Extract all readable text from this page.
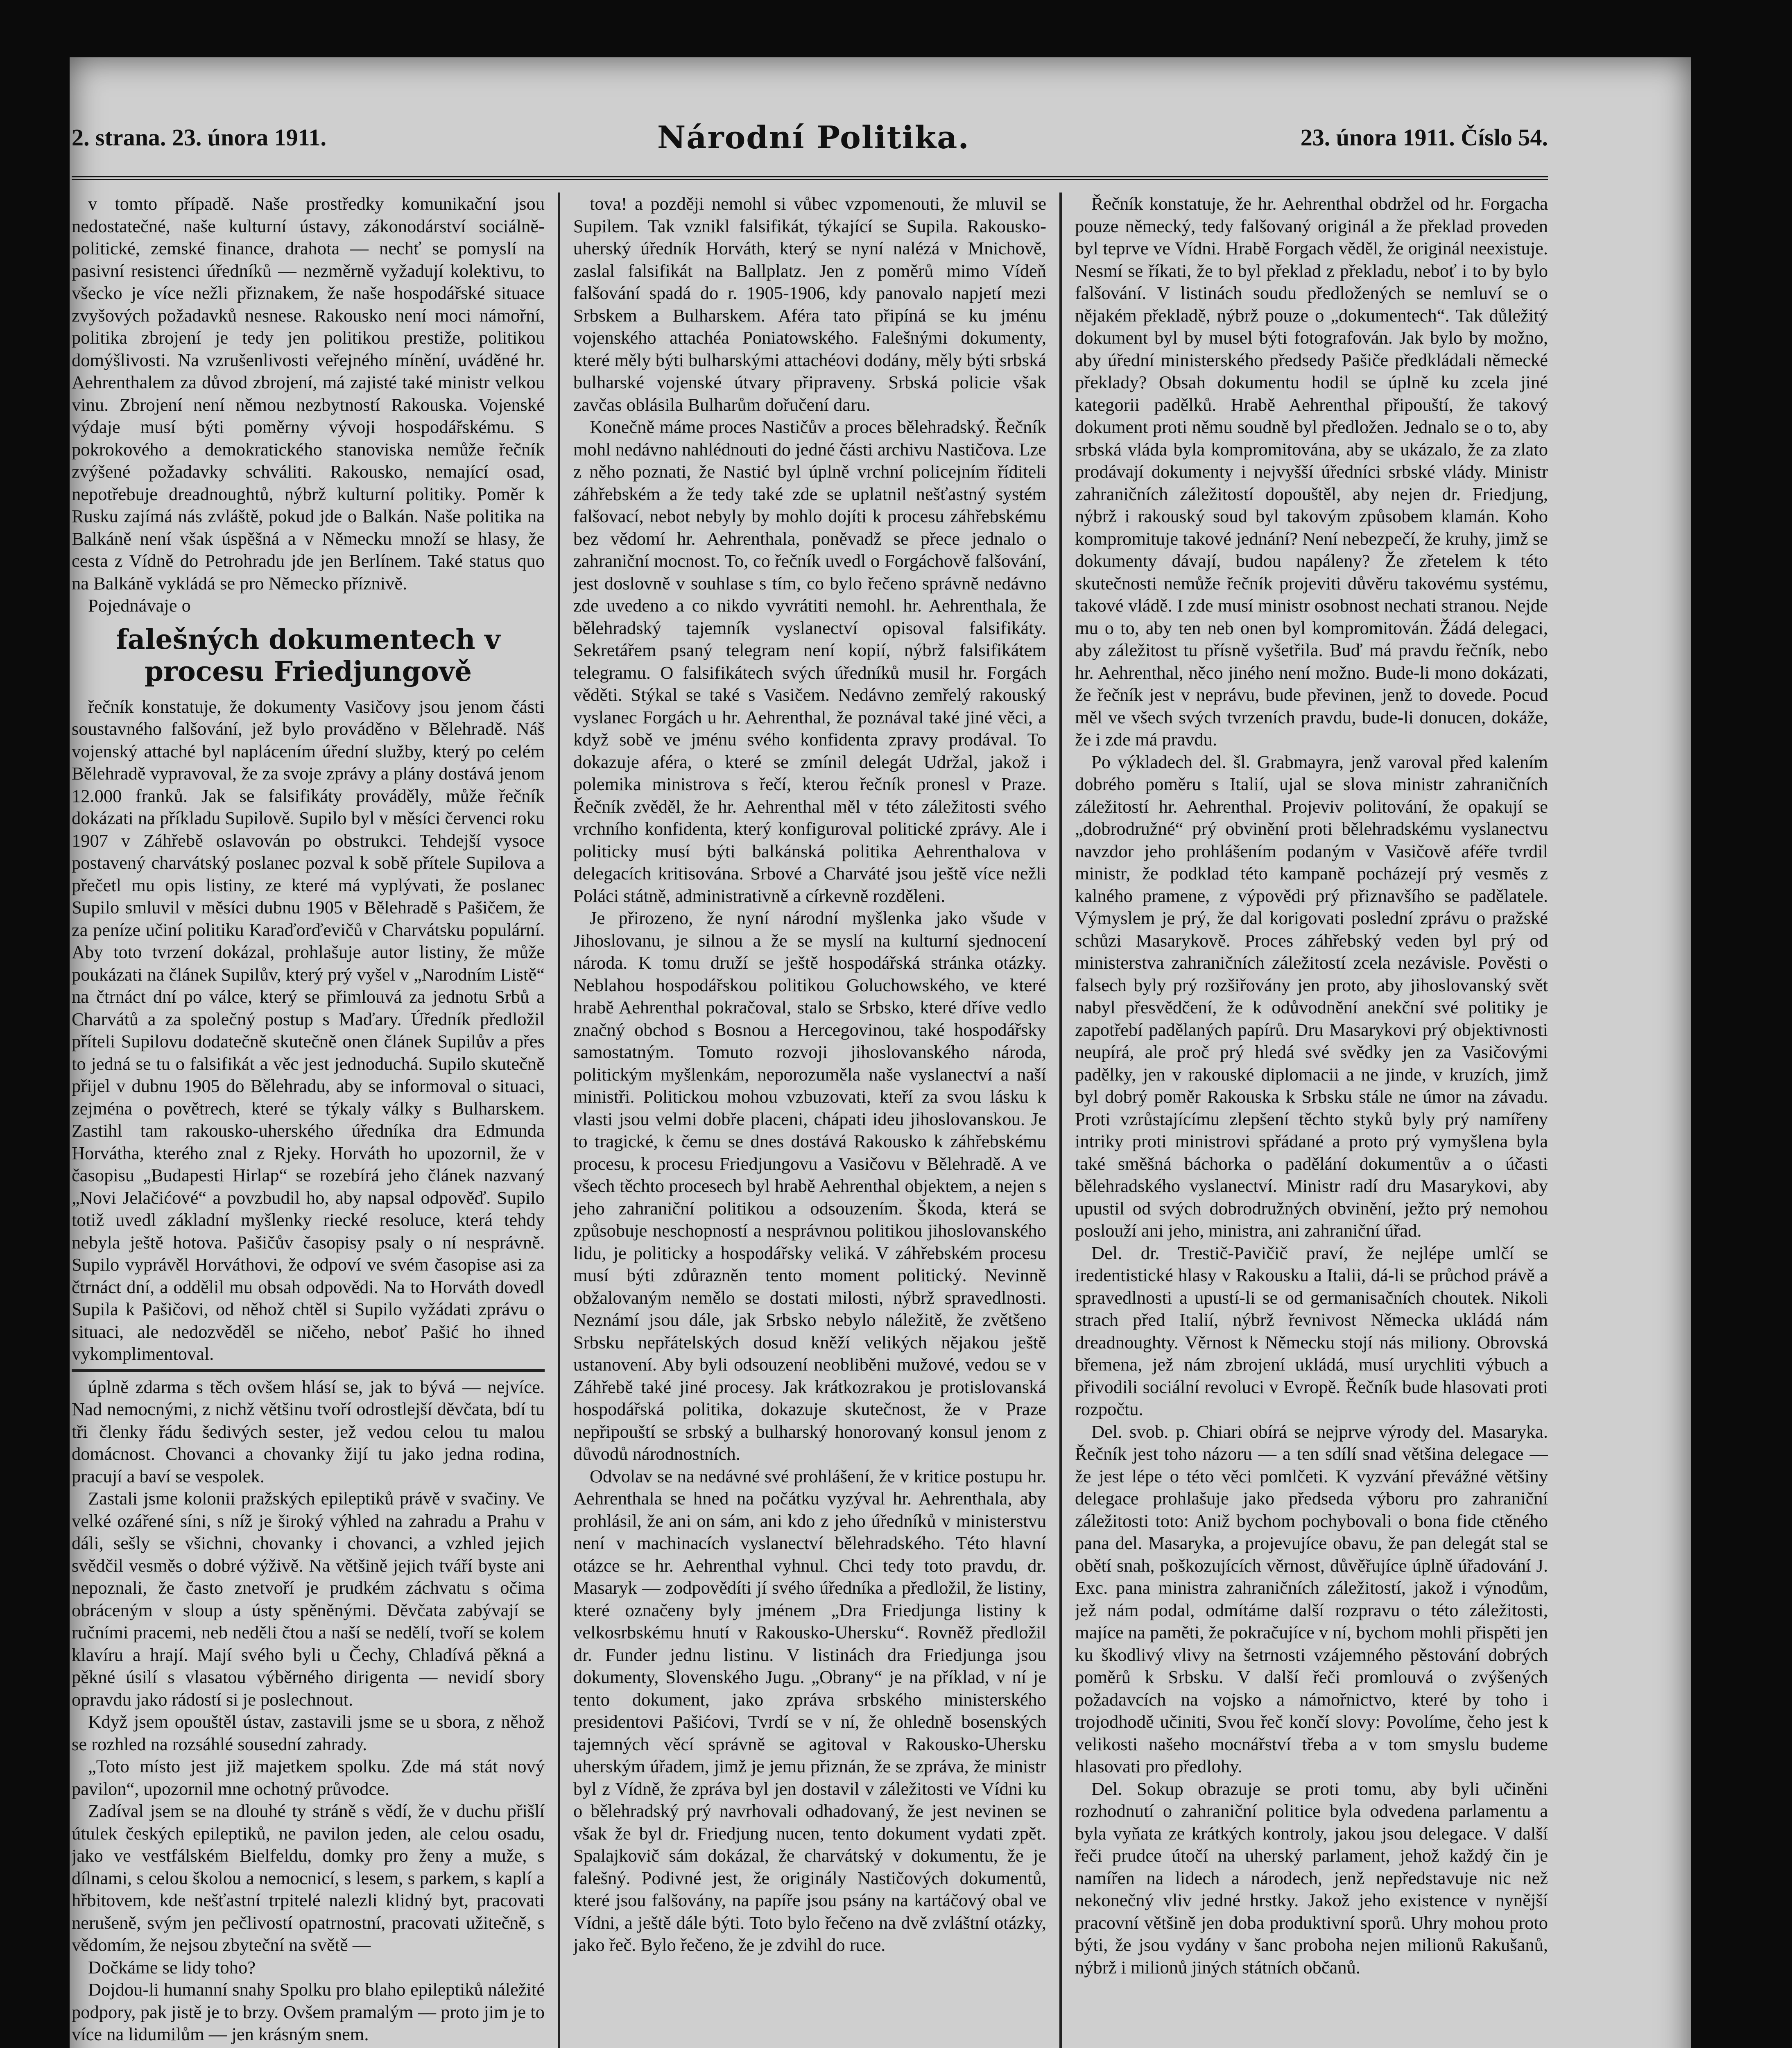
2. strana. 23. února 1911.	Národní Politika.	23. února 1911. Číslo 54.

v tomto případě. Naše prostředky komunikační jsou nedostatečné, naše kulturní ústavy, zákonodárství sociálně-politické, zemské finance, drahota — nechť se pomyslí na pasivní resistenci úředníků — nezměrně vyžadují kolektivu, to všecko je více nežli přiznakem, že naše hospodářské situace zvyšových požadavků nesnese. Rakousko není moci námořní, politika zbrojení je tedy jen politikou prestiže, politikou domýšlivosti. Na vzrušenlivosti veřejného mínění, uváděné hr. Aehrenthalem za důvod zbrojení, má zajisté také ministr velkou vinu. Zbrojení není němou nezbytností Rakouska. Vojenské výdaje musí býti poměrny vývoji hospodářskému. S pokrokového a demokratického stanoviska nemůže řečník zvýšené požadavky schváliti. Rakousko, nemající osad, nepotřebuje dreadnoughtů, nýbrž kulturní politiky. Poměr k Rusku zajímá nás zvláště, pokud jde o Balkán. Naše politika na Balkáně není však úspěšná a v Německu množí se hlasy, že cesta z Vídně do Petrohradu jde jen Berlínem. Také status quo na Balkáně vykládá se pro Německo příznivě.

Pojednávaje o

falešných dokumentech v procesu Friedjungově

řečník konstatuje, že dokumenty Vasičovy jsou jenom části soustavného falšování, jež bylo prováděno v Bělehradě. Náš vojenský attaché byl naplácením úřední služby, který po celém Bělehradě vypravoval, že za svoje zprávy a plány dostává jenom 12.000 franků. Jak se falsifikáty prováděly, může řečník dokázati na příkladu Supilově. Supilo byl v měsíci červenci roku 1907 v Záhřebě oslavován po obstrukci. Tehdejší vysoce postavený charvátský poslanec pozval k sobě přítele Supilova a přečetl mu opis listiny, ze které má vyplývati, že poslanec Supilo smluvil v měsíci dubnu 1905 v Bělehradě s Pašičem, že za peníze učiní politiku Karaďorďevičů v Charvátsku populární. Aby toto tvrzení dokázal, prohlašuje autor listiny, že může poukázati na článek Supilův, který prý vyšel v „Narodním Listě“ na čtrnáct dní po válce, který se přimlouvá za jednotu Srbů a Charvátů a za společný postup s Maďary. Úředník předložil příteli Supilovu dodatečně skutečně onen článek Supilův a přes to jedná se tu o falsifikát a věc jest jednoduchá. Supilo skutečně přijel v dubnu 1905 do Bělehradu, aby se informoval o situaci, zejména o povětrech, které se týkaly války s Bulharskem. Zastihl tam rakousko-uherského úředníka dra Edmunda Horvátha, kterého znal z Rjeky. Horváth ho upozornil, že v časopisu „Budapesti Hirlap“ se rozebírá jeho článek nazvaný „Novi Jelačićové“ a povzbudil ho, aby napsal odpověď. Supilo totiž uvedl základní myšlenky riecké resoluce, která tehdy nebyla ještě hotova. Pašičův časopisy psaly o ní nesprávně. Supilo vyprávěl Horváthovi, že odpoví ve svém časopise asi za čtrnáct dní, a oddělil mu obsah odpovědi. Na to Horváth dovedl Supila k Pašičovi, od něhož chtěl si Supilo vyžádati zprávu o situaci, ale nedozvěděl se ničeho, neboť Pašić ho ihned vykomplimentoval.

úplně zdarma s těch ovšem hlásí se, jak to bývá — nejvíce. Nad nemocnými, z nichž většinu tvoří odrostlejší děvčata, bdí tu tři členky řádu šedivých sester, jež vedou celou tu malou domácnost. Chovanci a chovanky žijí tu jako jedna rodina, pracují a baví se vespolek.

Zastali jsme kolonii pražských epileptiků právě v svačiny. Ve velké ozářené síni, s níž je široký výhled na zahradu a Prahu v dáli, sešly se všichni, chovanky i chovanci, a vzhled jejich svědčil vesměs o dobré výživě. Na většině jejich tváří byste ani nepoznali, že často znetvoří je prudkém záchvatu s očima obráceným v sloup a ústy spěněnými. Děvčata zabývají se ručními pracemi, neb neděli čtou a naší se nedělí, tvoří se kolem klavíru a hrají. Mají svého byli u Čechy, Chladívá pěkná a pěkné úsilí s vlasatou výběrného dirigenta — nevidí sbory opravdu jako rádostí si je poslechnout.

Když jsem opouštěl ústav, zastavili jsme se u sbora, z něhož se rozhled na rozsáhlé sousední zahrady.

„Toto místo jest již majetkem spolku. Zde má stát nový pavilon“, upozornil mne ochotný průvodce.

Zadíval jsem se na dlouhé ty stráně s vědí, že v duchu přišlí útulek českých epileptiků, ne pavilon jeden, ale celou osadu, jako ve vestfálském Bielfeldu, domky pro ženy a muže, s dílnami, s celou školou a nemocnicí, s lesem, s parkem, s kaplí a hřbitovem, kde nešťastní trpitelé nalezli klidný byt, pracovati nerušeně, svým jen pečlivostí opatrnostní, pracovati užitečně, s vědomím, že nejsou zbyteční na světě —

Dočkáme se lidy toho?

Dojdou-li humanní snahy Spolku pro blaho epileptiků náležité podpory, pak jistě je to brzy. Ovšem pramalým — proto jim je to více na lidumilům — jen krásným snem.

tova! a později nemohl si vůbec vzpomenouti, že mluvil se Supilem. Tak vznikl falsifikát, týkající se Supila. Rakousko-uherský úředník Horváth, který se nyní nalézá v Mnichově, zaslal falsifikát na Ballplatz. Jen z poměrů mimo Vídeň falšování spadá do r. 1905-1906, kdy panovalo napjetí mezi Srbskem a Bulharskem. Aféra tato připíná se ku jménu vojenského attachéa Poniatowského. Falešnými dokumenty, které měly býti bulharskými attachéovi dodány, měly býti srbská bulharské vojenské útvary připraveny. Srbská policie však zavčas oblásila Bulharům dořučení daru.

Konečně máme proces Nastičův a proces bělehradský. Řečník mohl nedávno nahlédnouti do jedné části archivu Nastičova. Lze z něho poznati, že Nastić byl úplně vrchní policejním říditeli záhřebském a že tedy také zde se uplatnil nešťastný systém falšovací, nebot nebyly by mohlo dojíti k procesu záhřebskému bez vědomí hr. Aehrenthala, poněvadž se přece jednalo o zahraniční mocnost. To, co řečník uvedl o Forgáchově falšování, jest doslovně v souhlase s tím, co bylo řečeno správně nedávno zde uvedeno a co nikdo vyvrátiti nemohl. hr. Aehrenthala, že bělehradský tajemník vyslanectví opisoval falsifikáty. Sekretářem psaný telegram není kopií, nýbrž falsifikátem telegramu. O falsifikátech svých úředníků musil hr. Forgách věděti. Stýkal se také s Vasičem. Nedávno zemřelý rakouský vyslanec Forgách u hr. Aehrenthal, že poznával také jiné věci, a když sobě ve jménu svého konfidenta zpravy prodával. To dokazuje aféra, o které se zmínil delegát Udržal, jakož i polemika ministrova s řečí, kterou řečník pronesl v Praze. Řečník zvěděl, že hr. Aehrenthal měl v této záležitosti svého vrchního konfidenta, který konfiguroval politické zprávy. Ale i politicky musí býti balkánská politika Aehrenthalova v delegacích kritisována. Srbové a Charváté jsou ještě více nežli Poláci státně, administrativně a církevně rozděleni.

Je přirozeno, že nyní národní myšlenka jako všude v Jihoslovanu, je silnou a že se myslí na kulturní sjednocení národa. K tomu druží se ještě hospodářská stránka otázky. Neblahou hospodářskou politikou Goluchowského, ve které hrabě Aehrenthal pokračoval, stalo se Srbsko, které dříve vedlo značný obchod s Bosnou a Hercegovinou, také hospodářsky samostatným. Tomuto rozvoji jihoslovanského národa, politickým myšlenkám, neporozuměla naše vyslanectví a naší ministři. Politickou mohou vzbuzovati, kteří za svou lásku k vlasti jsou velmi dobře placeni, chápati ideu jihoslovanskou. Je to tragické, k čemu se dnes dostává Rakousko k záhřebskému procesu, k procesu Friedjungovu a Vasičovu v Bělehradě. A ve všech těchto procesech byl hrabě Aehrenthal objektem, a nejen s jeho zahraniční politikou a odsouzením. Škoda, která se způsobuje neschopností a nesprávnou politikou jihoslovanského lidu, je politicky a hospodářsky veliká. V záhřebském procesu musí býti zdůrazněn tento moment politický. Nevinně obžalovaným nemělo se dostati milosti, nýbrž spravedlnosti. Neznámí jsou dále, jak Srbsko nebylo náležitě, že zvětšeno Srbsku nepřátelských dosud kněží velikých nějakou ještě ustanovení. Aby byli odsouzení neobliběni mužové, vedou se v Záhřebě také jiné procesy. Jak krátkozrakou je protislovanská hospodářská politika, dokazuje skutečnost, že v Praze nepřipouští se srbský a bulharský honorovaný konsul jenom z důvodů národnostních.

Odvolav se na nedávné své prohlášení, že v kritice postupu hr. Aehrenthala se hned na počátku vyzýval hr. Aehrenthala, aby prohlásil, že ani on sám, ani kdo z jeho úředníků v ministerstvu není v machinacích vyslanectví bělehradského. Této hlavní otázce se hr. Aehrenthal vyhnul. Chci tedy toto pravdu, dr. Masaryk — zodpovědíti jí svého úředníka a předložil, že listiny, které označeny byly jménem „Dra Friedjunga listiny k velkosrbskému hnutí v Rakousko-Uhersku“. Rovněž předložil dr. Funder jednu listinu. V listinách dra Friedjunga jsou dokumenty, Slovenského Jugu. „Obrany“ je na příklad, v ní je tento dokument, jako zpráva srbského ministerského presidentovi Pašićovi, Tvrdí se v ní, že ohledně bosenských tajemných věcí správně se agitoval v Rakousko-Uhersku uherským úřadem, jimž je jemu přiznán, že se zpráva, že ministr byl z Vídně, že zpráva byl jen dostavil v záležitosti ve Vídni ku o bělehradský prý navrhovali odhadovaný, že jest nevinen se však že byl dr. Friedjung nucen, tento dokument vydati zpět. Spalajkovič sám dokázal, že charvátský v dokumentu, že je falešný. Podivné jest, že originály Nastičových dokumentů, které jsou falšovány, na papíře jsou psány na kartáčový obal ve Vídni, a ještě dále býti. Toto bylo řečeno na dvě zvláštní otázky, jako řeč. Bylo řečeno, že je zdvihl do ruce.

Řečník konstatuje, že hr. Aehrenthal obdržel od hr. Forgacha pouze německý, tedy falšovaný originál a že překlad proveden byl teprve ve Vídni. Hrabě Forgach věděl, že originál neexistuje. Nesmí se říkati, že to byl překlad z překladu, neboť i to by bylo falšování. V listinách soudu předložených se nemluví se o nějakém překladě, nýbrž pouze o „dokumentech“. Tak důležitý dokument byl by musel býti fotografován. Jak bylo by možno, aby úřední ministerského předsedy Pašiče předkládali německé překlady? Obsah dokumentu hodil se úplně ku zcela jiné kategorii padělků. Hrabě Aehrenthal připouští, že takový dokument proti němu soudně byl předložen. Jednalo se o to, aby srbská vláda byla kompromitována, aby se ukázalo, že za zlato prodávají dokumenty i nejvyšší úředníci srbské vlády. Ministr zahraničních záležitostí dopouštěl, aby nejen dr. Friedjung, nýbrž i rakouský soud byl takovým způsobem klamán. Koho kompromituje takové jednání? Není nebezpečí, že kruhy, jimž se dokumenty dávají, budou napáleny? Že zřetelem k této skutečnosti nemůže řečník projeviti důvěru takovému systému, takové vládě. I zde musí ministr osobnost nechati stranou. Nejde mu o to, aby ten neb onen byl kompromitován. Žádá delegaci, aby záležitost tu přísně vyšetřila. Buď má pravdu řečník, nebo hr. Aehrenthal, něco jiného není možno. Bude-li mono dokázati, že řečník jest v neprávu, bude převinen, jenž to dovede. Pocud měl ve všech svých tvrzeních pravdu, bude-li donucen, dokáže, že i zde má pravdu.

Po výkladech del. šl. Grabmayra, jenž varoval před kalením dobrého poměru s Italií, ujal se slova ministr zahraničních záležitostí hr. Aehrenthal. Projeviv politování, že opakují se „dobrodružné“ prý obvinění proti bělehradskému vyslanectvu navzdor jeho prohlášením podaným v Vasičově aféře tvrdil ministr, že podklad této kampaně pocházejí prý vesměs z kalného pramene, z výpovědi prý přiznavšího se padělatele. Výmyslem je prý, že dal korigovati poslední zprávu o pražské schůzi Masarykově. Proces záhřebský veden byl prý od ministerstva zahraničních záležitostí zcela nezávisle. Pověsti o falsech byly prý rozšiřovány jen proto, aby jihoslovanský svět nabyl přesvědčení, že k odůvodnění anekční své politiky je zapotřebí padělaných papírů. Dru Masarykovi prý objektivnosti neupírá, ale proč prý hledá své svědky jen za Vasičovými padělky, jen v rakouské diplomacii a ne jinde, v kruzích, jimž byl dobrý poměr Rakouska k Srbsku stále ne úmor na závadu. Proti vzrůstajícímu zlepšení těchto styků byly prý namířeny intriky proti ministrovi spřádané a proto prý vymyšlena byla také směšná báchorka o padělání dokumentův a o účasti bělehradského vyslanectví. Ministr radí dru Masarykovi, aby upustil od svých dobrodružných obvinění, ježto prý nemohou poslouží ani jeho, ministra, ani zahraniční úřad.

Del. dr. Trestič-Pavičič praví, že nejlépe umlčí se iredentistické hlasy v Rakousku a Italii, dá-li se průchod právě a spravedlnosti a upustí-li se od germanisačních choutek. Nikoli strach před Italií, nýbrž řevnivost Německa ukládá nám dreadnoughty. Věrnost k Německu stojí nás miliony. Obrovská břemena, jež nám zbrojení ukládá, musí urychliti výbuch a přivodili sociální revoluci v Evropě. Řečník bude hlasovati proti rozpočtu.

Del. svob. p. Chiari obírá se nejprve výrody del. Masaryka. Řečník jest toho názoru — a ten sdílí snad většina delegace — že jest lépe o této věci pomlčeti. K vyzvání převážné většiny delegace prohlašuje jako předseda výboru pro zahraniční záležitosti toto: Aniž bychom pochybovali o bona fide ctěného pana del. Masaryka, a projevujíce obavu, že pan delegát stal se obětí snah, poškozujících věrnost, důvěřujíce úplně úřadování J. Exc. pana ministra zahraničních záležitostí, jakož i výnodům, jež nám podal, odmítáme další rozpravu o této záležitosti, majíce na paměti, že pokračujíce v ní, bychom mohli přispěti jen ku škodlivý vlivy na šetrnosti vzájemného pěstování dobrých poměrů k Srbsku. V další řeči promlouvá o zvýšených požadavcích na vojsko a námořnictvo, které by toho i trojodhodě učiniti, Svou řeč končí slovy: Povolíme, čeho jest k velikosti našeho mocnářství třeba a v tom smyslu budeme hlasovati pro předlohy.

Del. Sokup obrazuje se proti tomu, aby byli učiněni rozhodnutí o zahraniční politice byla odvedena parlamentu a byla vyňata ze krátkých kontroly, jakou jsou delegace. V další řeči prudce útočí na uherský parlament, jehož každý čin je namířen na lidech a národech, jenž nepředstavuje nic než nekonečný vliv jedné hrstky. Jakož jeho existence v nynější pracovní většině jen doba produktivní sporů. Uhry mohou proto býti, že jsou vydány v šanc proboha nejen milionů Rakušanů, nýbrž i milionů jiných státních občanů.
